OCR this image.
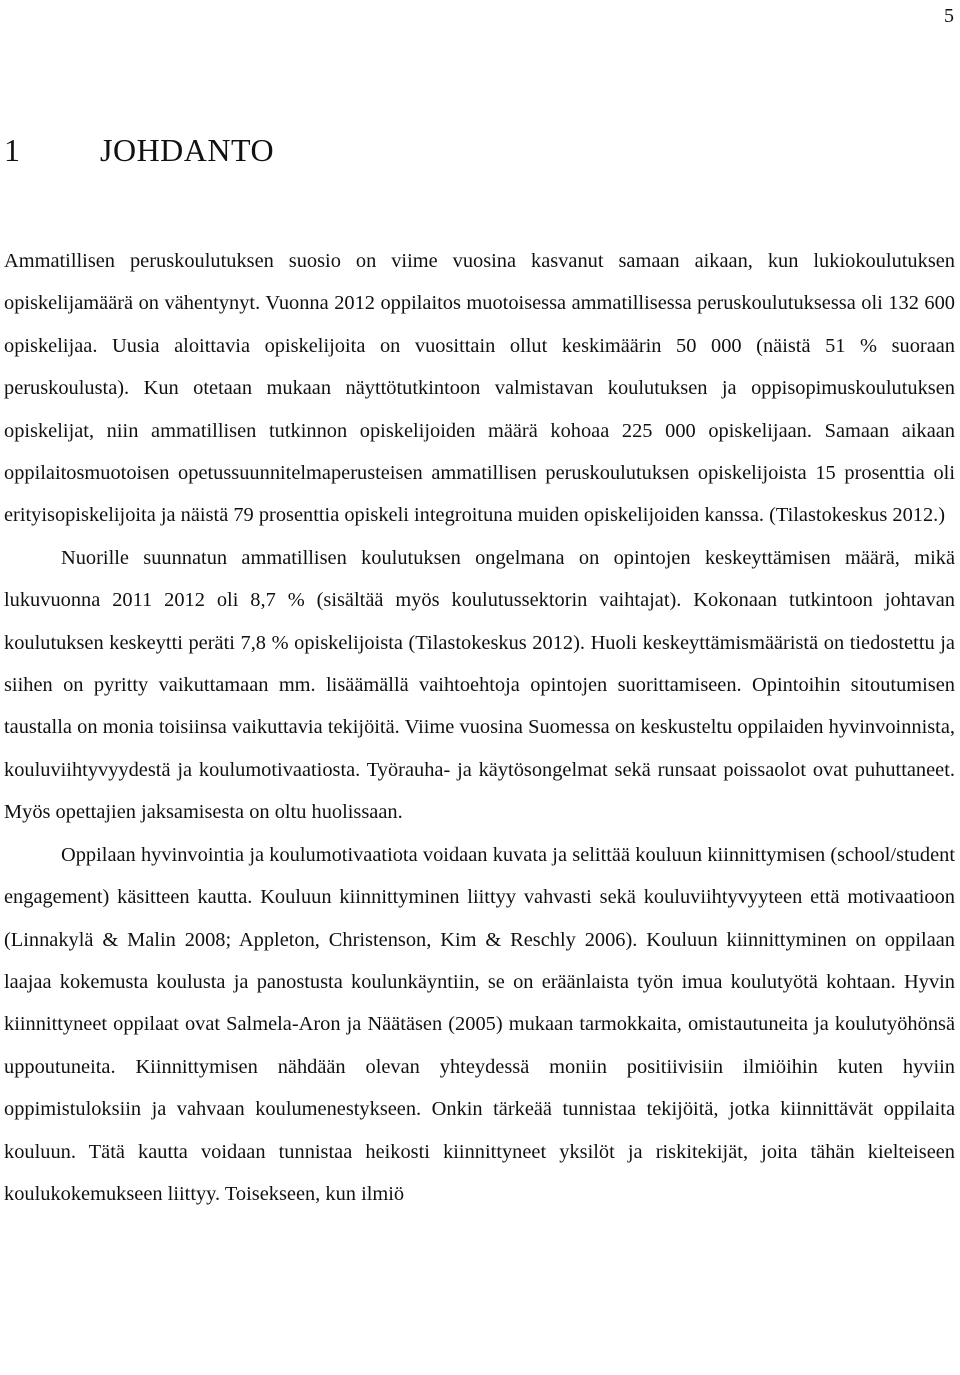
5
1 JOHDANTO

Ammatillisen peruskoulutuksen suosio on viime vuosina kasvanut samaan aikaan, kun lukiokoulutuksen opiskelijamäärä on vähentynyt. Vuonna 2012 oppilaitos muotoisessa ammatillisessa peruskoulutuksessa oli 132 600 opiskelijaa. Uusia aloittavia opiskelijoita on vuosittain ollut keskimäärin 50 000 (näistä 51 % suoraan peruskoulusta). Kun otetaan mukaan näyttötutkintoon valmistavan koulutuksen ja oppisopimuskoulutuksen opiskelijat, niin ammatillisen tutkinnon opiskelijoiden määrä kohoaa 225 000 opiskelijaan. Samaan aikaan oppilaitosmuotoisen opetussuunnitelmaperusteisen ammatillisen peruskoulutuksen opiskelijoista 15 prosenttia oli erityisopiskelijoita ja näistä 79 prosenttia opiskeli integroituna muiden opiskelijoiden kanssa. (Tilastokeskus 2012.)

Nuorille suunnatun ammatillisen koulutuksen ongelmana on opintojen keskeyttämisen määrä, mikä lukuvuonna 2011 2012 oli 8,7 % (sisältää myös koulutussektorin vaihtajat). Kokonaan tutkintoon johtavan koulutuksen keskeytti peräti 7,8 % opiskelijoista (Tilastokeskus 2012). Huoli keskeyttämismääristä on tiedostettu ja siihen on pyritty vaikuttamaan mm. lisäämällä vaihtoehtoja opintojen suorittamiseen. Opintoihin sitoutumisen taustalla on monia toisiinsa vaikuttavia tekijöitä. Viime vuosina Suomessa on keskusteltu oppilaiden hyvinvoinnista, kouluviihtyvyydestä ja koulumotivaatiosta. Työrauha- ja käytösongelmat sekä runsaat poissaolot ovat puhuttaneet. Myös opettajien jaksamisesta on oltu huolissaan.

Oppilaan hyvinvointia ja koulumotivaatiota voidaan kuvata ja selittää kouluun kiinnittymisen (school/student engagement) käsitteen kautta. Kouluun kiinnittyminen liittyy vahvasti sekä kouluviihtyvyyteen että motivaatioon (Linnakylä & Malin 2008; Appleton, Christenson, Kim & Reschly 2006). Kouluun kiinnittyminen on oppilaan laajaa kokemusta koulusta ja panostusta koulunkäyntiin, se on eräänlaista työn imua koulutyötä kohtaan. Hyvin kiinnittyneet oppilaat ovat Salmela-Aron ja Näätäsen (2005) mukaan tarmokkaita, omistautuneita ja koulutyöhönsä uppoutuneita. Kiinnittymisen nähdään olevan yhteydessä moniin positiivisiin ilmiöihin kuten hyviin oppimistuloksiin ja vahvaan koulumenestykseen. Onkin tärkeää tunnistaa tekijöitä, jotka kiinnittävät oppilaita kouluun. Tätä kautta voidaan tunnistaa heikosti kiinnittyneet yksilöt ja riskitekijät, joita tähän kielteiseen koulukokemukseen liittyy. Toisekseen, kun ilmiö
